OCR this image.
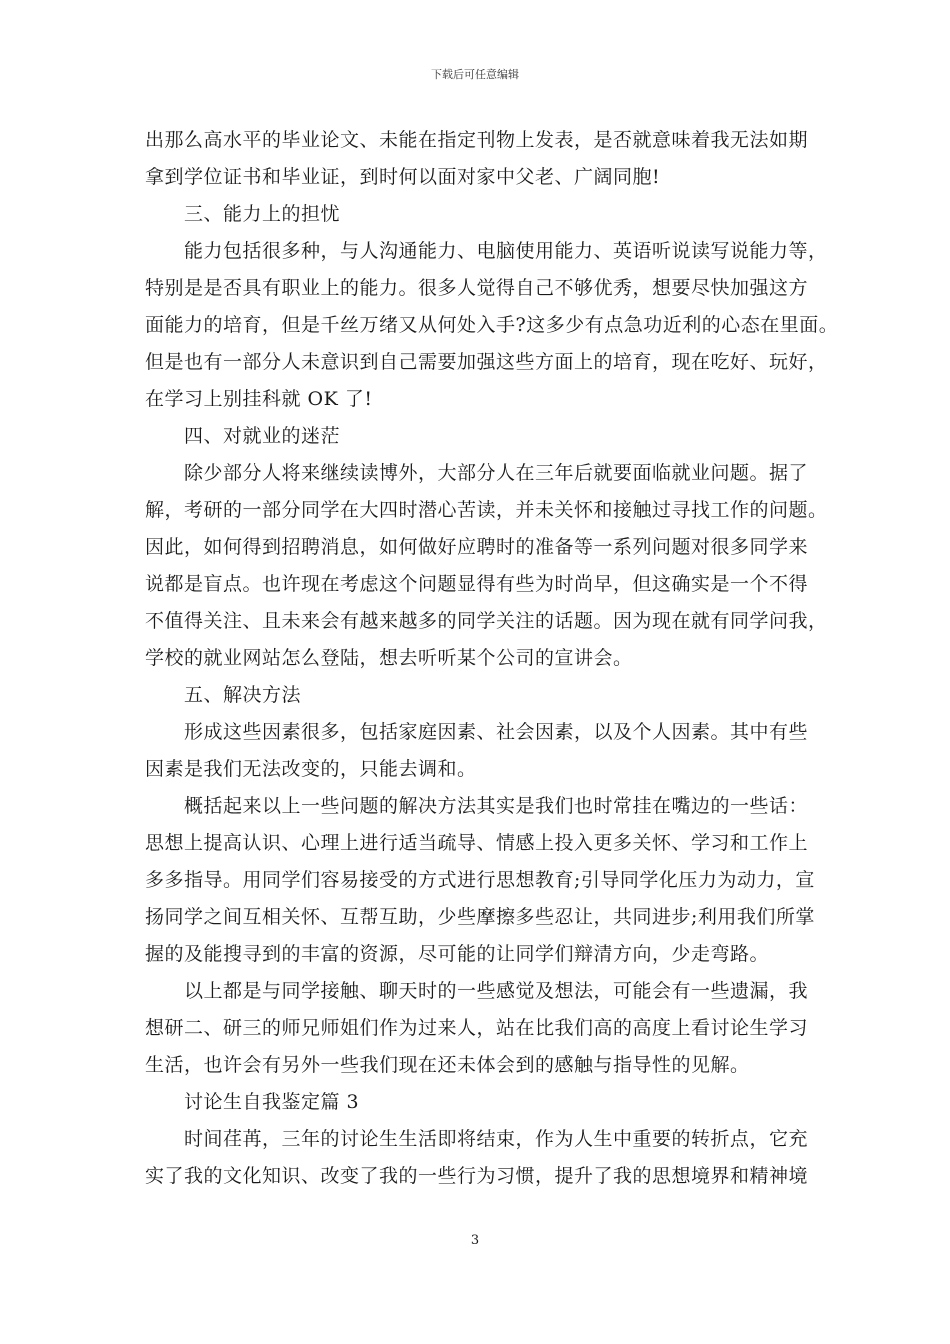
下载后可任意编辑
出那么高水平的毕业论文、未能在指定刊物上发表，是否就意味着我无法如期
拿到学位证书和毕业证，到时何以面对家中父老、广阔同胞!
三、能力上的担忧
能力包括很多种，与人沟通能力、电脑使用能力、英语听说读写说能力等，
特别是是否具有职业上的能力。很多人觉得自己不够优秀，想要尽快加强这方
面能力的培育，但是千丝万绪又从何处入手?这多少有点急功近利的心态在里面。
但是也有一部分人未意识到自己需要加强这些方面上的培育，现在吃好、玩好，
在学习上别挂科就 OK 了!
四、对就业的迷茫
除少部分人将来继续读博外，大部分人在三年后就要面临就业问题。据了
解，考研的一部分同学在大四时潜心苦读，并未关怀和接触过寻找工作的问题。
因此，如何得到招聘消息，如何做好应聘时的准备等一系列问题对很多同学来
说都是盲点。也许现在考虑这个问题显得有些为时尚早，但这确实是一个不得
不值得关注、且未来会有越来越多的同学关注的话题。因为现在就有同学问我，
学校的就业网站怎么登陆，想去听听某个公司的宣讲会。
五、解决方法
形成这些因素很多，包括家庭因素、社会因素，以及个人因素。其中有些
因素是我们无法改变的，只能去调和。
概括起来以上一些问题的解决方法其实是我们也时常挂在嘴边的一些话：
思想上提高认识、心理上进行适当疏导、情感上投入更多关怀、学习和工作上
多多指导。用同学们容易接受的方式进行思想教育;引导同学化压力为动力，宣
扬同学之间互相关怀、互帮互助，少些摩擦多些忍让，共同进步;利用我们所掌
握的及能搜寻到的丰富的资源，尽可能的让同学们辩清方向，少走弯路。
以上都是与同学接触、聊天时的一些感觉及想法，可能会有一些遗漏，我
想研二、研三的师兄师姐们作为过来人，站在比我们高的高度上看讨论生学习
生活，也许会有另外一些我们现在还未体会到的感触与指导性的见解。
讨论生自我鉴定篇 3
时间荏苒，三年的讨论生生活即将结束，作为人生中重要的转折点，它充
实了我的文化知识、改变了我的一些行为习惯，提升了我的思想境界和精神境
3
